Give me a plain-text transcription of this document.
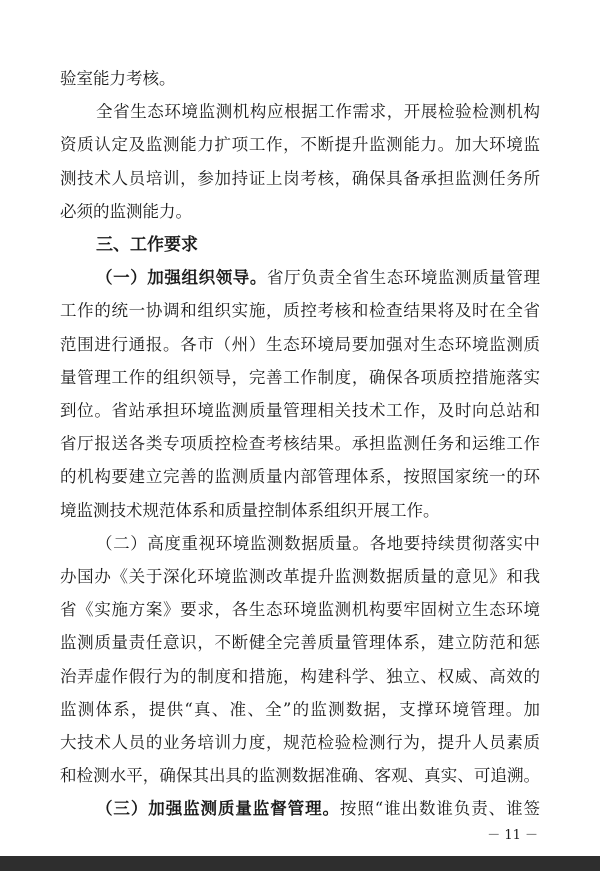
验室能力考核。
全省生态环境监测机构应根据工作需求，开展检验检测机构
资质认定及监测能力扩项工作，不断提升监测能力。加大环境监
测技术人员培训，参加持证上岗考核，确保具备承担监测任务所
必须的监测能力。
三、工作要求
（一）加强组织领导。省厅负责全省生态环境监测质量管理
工作的统一协调和组织实施，质控考核和检查结果将及时在全省
范围进行通报。各市（州）生态环境局要加强对生态环境监测质
量管理工作的组织领导，完善工作制度，确保各项质控措施落实
到位。省站承担环境监测质量管理相关技术工作，及时向总站和
省厅报送各类专项质控检查考核结果。承担监测任务和运维工作
的机构要建立完善的监测质量内部管理体系，按照国家统一的环
境监测技术规范体系和质量控制体系组织开展工作。
（二）高度重视环境监测数据质量。各地要持续贯彻落实中
办国办《关于深化环境监测改革提升监测数据质量的意见》和我
省《实施方案》要求，各生态环境监测机构要牢固树立生态环境
监测质量责任意识，不断健全完善质量管理体系，建立防范和惩
治弄虚作假行为的制度和措施，构建科学、独立、权威、高效的
监测体系，提供“真、准、全”的监测数据，支撑环境管理。加
大技术人员的业务培训力度，规范检验检测行为，提升人员素质
和检测水平，确保其出具的监测数据准确、客观、真实、可追溯。
（三）加强监测质量监督管理。按照“谁出数谁负责、谁签
－ 11 －
